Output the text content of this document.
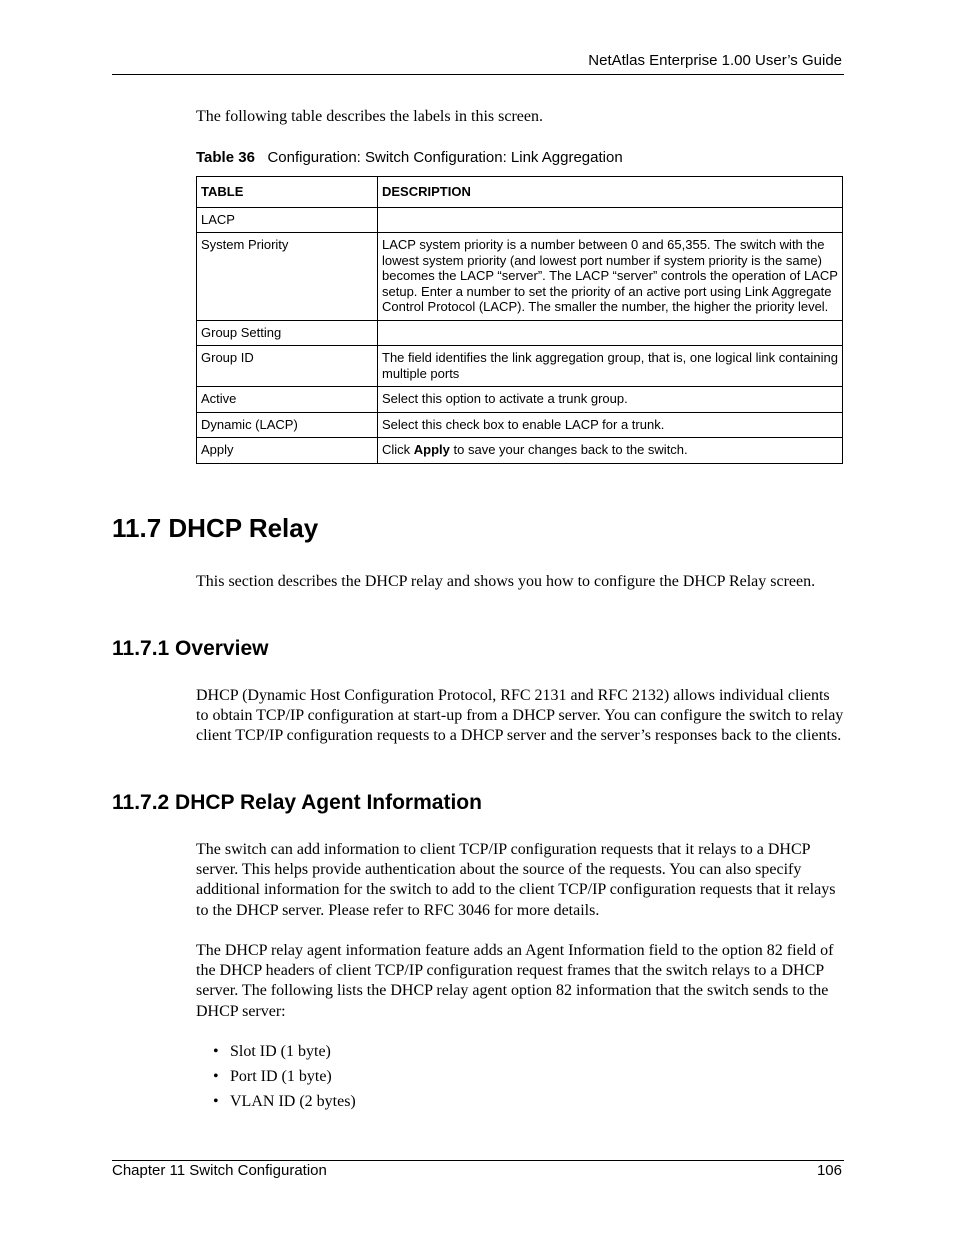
NetAtlas Enterprise 1.00 User’s Guide
The following table describes the labels in this screen.
Table 36 Configuration: Switch Configuration: Link Aggregation
TABLE	DESCRIPTION
LACP	
System Priority	LACP system priority is a number between 0 and 65,355. The switch with the lowest system priority (and lowest port number if system priority is the same) becomes the LACP “server”. The LACP “server” controls the operation of LACP setup. Enter a number to set the priority of an active port using Link Aggregate Control Protocol (LACP). The smaller the number, the higher the priority level.
Group Setting	
Group ID	The field identifies the link aggregation group, that is, one logical link containing multiple ports
Active	Select this option to activate a trunk group.
Dynamic (LACP)	Select this check box to enable LACP for a trunk.
Apply	Click Apply to save your changes back to the switch.
11.7 DHCP Relay

This section describes the DHCP relay and shows you how to configure the DHCP Relay screen.

11.7.1 Overview

DHCP (Dynamic Host Configuration Protocol, RFC 2131 and RFC 2132) allows individual clients to obtain TCP/IP configuration at start-up from a DHCP server. You can configure the switch to relay client TCP/IP configuration requests to a DHCP server and the server’s responses back to the clients.

11.7.2 DHCP Relay Agent Information

The switch can add information to client TCP/IP configuration requests that it relays to a DHCP server. This helps provide authentication about the source of the requests. You can also specify additional information for the switch to add to the client TCP/IP configuration requests that it relays to the DHCP server. Please refer to RFC 3046 for more details.

The DHCP relay agent information feature adds an Agent Information field to the option 82 field of the DHCP headers of client TCP/IP configuration request frames that the switch relays to a DHCP server. The following lists the DHCP relay agent option 82 information that the switch sends to the DHCP server:

• Slot ID (1 byte)
• Port ID (1 byte)
• VLAN ID (2 bytes)
Chapter 11 Switch Configuration	106
